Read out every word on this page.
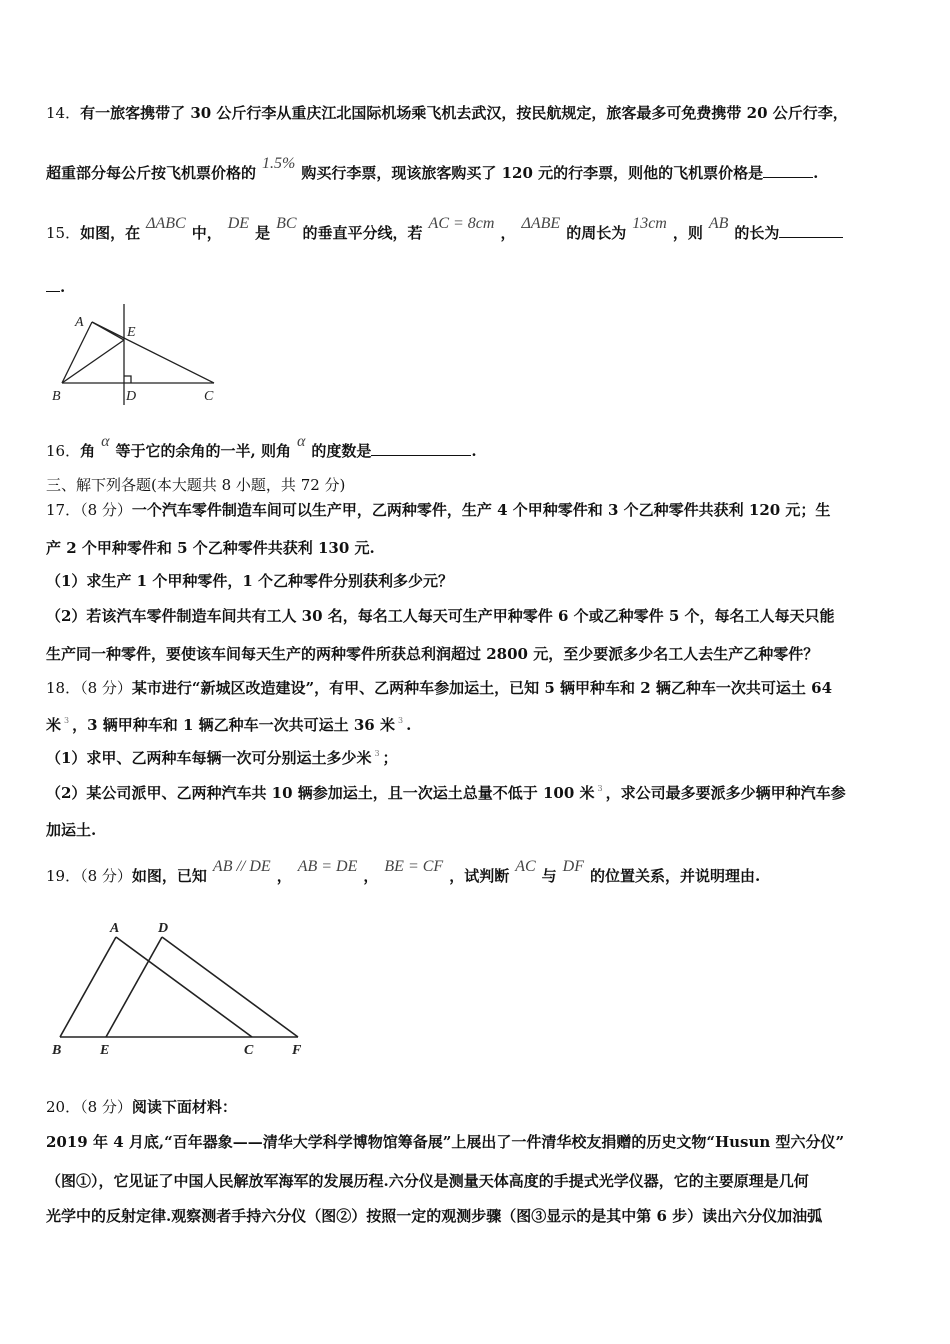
14．有一旅客携带了 30 公斤行李从重庆江北国际机场乘飞机去武汉，按民航规定，旅客最多可免费携带 20 公斤行李，
超重部分每公斤按飞机票价格的1.5%购买行李票，现该旅客购买了 120 元的行李票，则他的飞机票价格是	.
15．如图，在ΔABC中，DE是BC的垂直平分线，若AC = 8cm，ΔABE的周长为13cm，则AB的长为
.
A
E
B	D	C
16．角α等于它的余角的一半, 则角α的度数是	.
三、解下列各题(本大题共 8 小题，共 72 分)
17．（8 分）一个汽车零件制造车间可以生产甲，乙两种零件，生产 4 个甲种零件和 3 个乙种零件共获利 120 元；生
产 2 个甲种零件和 5 个乙种零件共获利 130 元.
（1）求生产 1 个甲种零件，1 个乙种零件分别获利多少元？
（2）若该汽车零件制造车间共有工人 30 名，每名工人每天可生产甲种零件 6 个或乙种零件 5 个，每名工人每天只能
生产同一种零件，要使该车间每天生产的两种零件所获总利润超过 2800 元，至少要派多少名工人去生产乙种零件？
18．（8 分）某市进行“新城区改造建设”，有甲、乙两种车参加运土，已知 5 辆甲种车和 2 辆乙种车一次共可运土 64
米 $^3$ ，3 辆甲种车和 1 辆乙种车一次共可运土 36 米 $^3$ .
（1）求甲、乙两种车每辆一次可分别运土多少米 $^3$ ；
（2）某公司派甲、乙两种汽车共 10 辆参加运土，且一次运土总量不低于 100 米 $^3$ ，求公司最多要派多少辆甲种汽车参
加运土.
19．（8 分）如图，已知AB // DE，AB = DE，BE = CF，试判断AC与DF的位置关系，并说明理由.
A	D
B	E	C	F
20．（8 分）阅读下面材料：
2019 年 4 月底,“百年器象——清华大学科学博物馆筹备展”上展出了一件清华校友捐赠的历史文物“Husun 型六分仪”
（图①），它见证了中国人民解放军海军的发展历程.六分仪是测量天体高度的手提式光学仪器，它的主要原理是几何
光学中的反射定律.观察测者手持六分仪（图②）按照一定的观测步骤（图③显示的是其中第 6 步）读出六分仪加油弧
